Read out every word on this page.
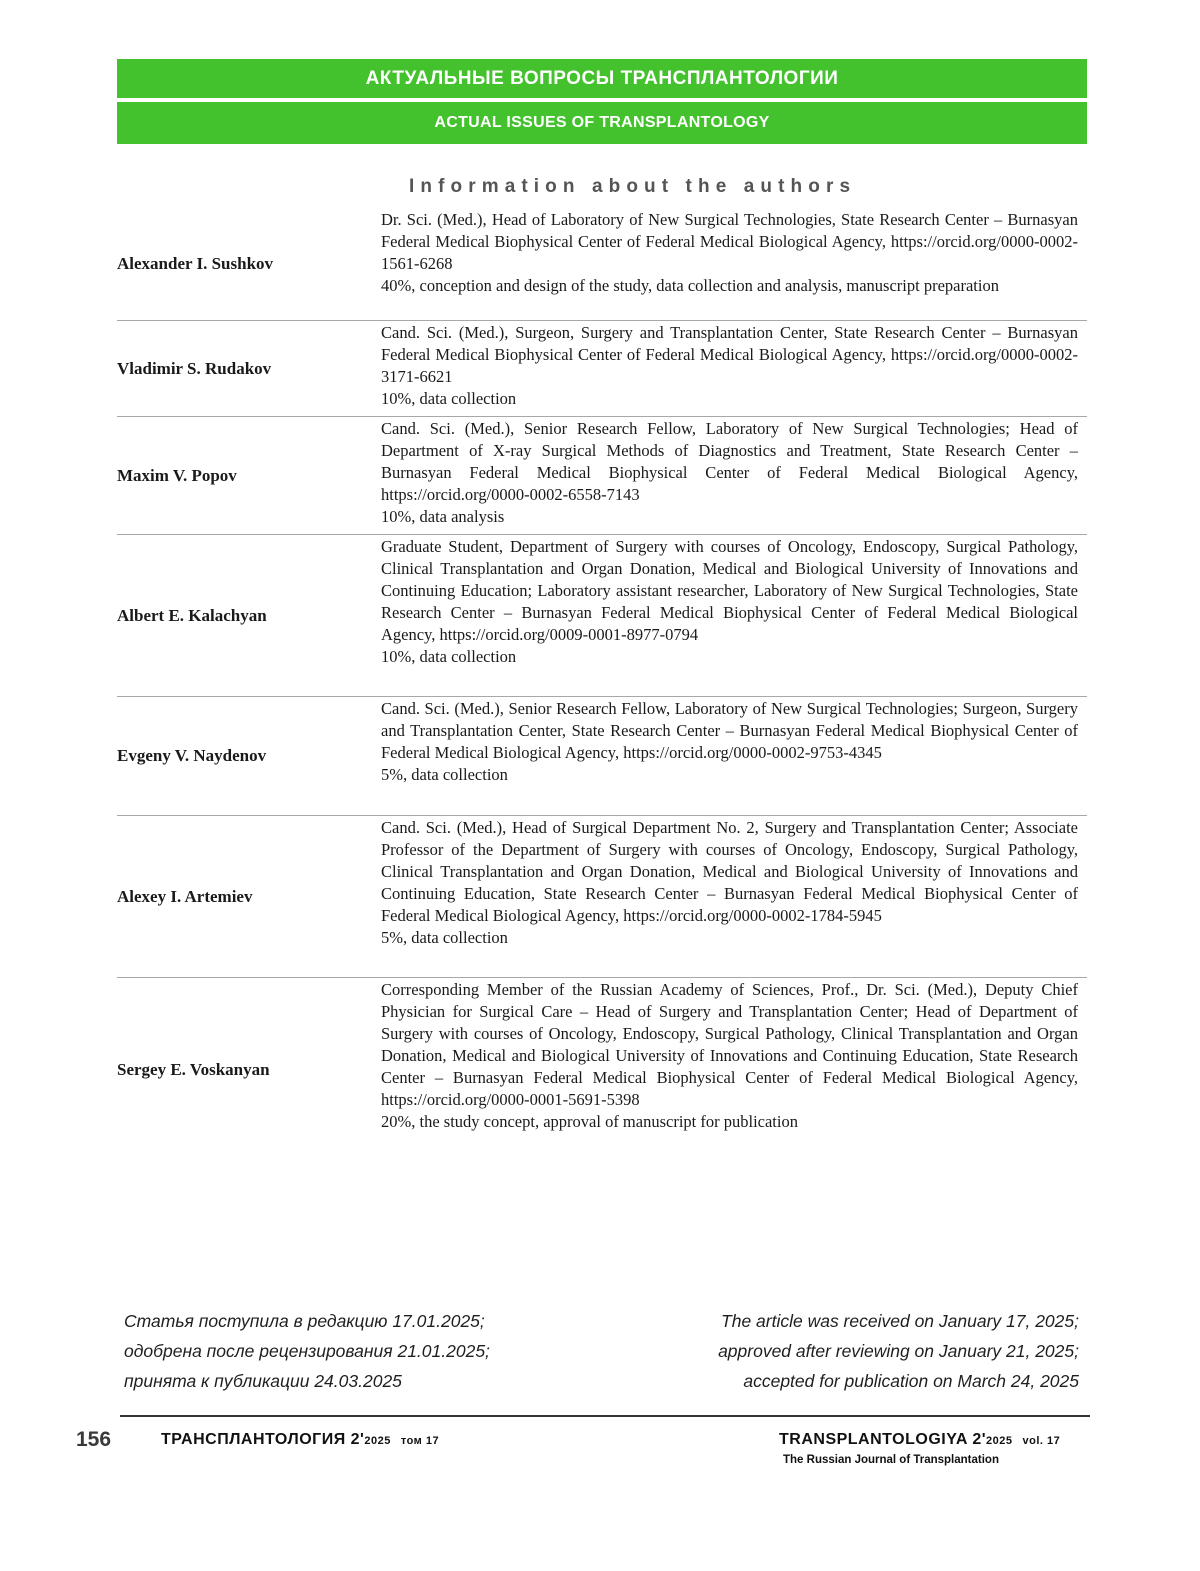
АКТУАЛЬНЫЕ ВОПРОСЫ ТРАНСПЛАНТОЛОГИИ
ACTUAL ISSUES OF TRANSPLANTOLOGY
Information about the authors
Alexander I. Sushkov

Dr. Sci. (Med.), Head of Laboratory of New Surgical Technologies, State Research Center – Burnasyan Federal Medical Biophysical Center of Federal Medical Biological Agency, https://orcid.org/0000-0002-1561-6268

40%, conception and design of the study, data collection and analysis, manuscript preparation

Vladimir S. Rudakov

Cand. Sci. (Med.), Surgeon, Surgery and Transplantation Center, State Research Center – Burnasyan Federal Medical Biophysical Center of Federal Medical Biological Agency, https://orcid.org/0000-0002-3171-6621

10%, data collection

Maxim V. Popov

Cand. Sci. (Med.), Senior Research Fellow, Laboratory of New Surgical Technologies; Head of Department of X-ray Surgical Methods of Diagnostics and Treatment, State Research Center – Burnasyan Federal Medical Biophysical Center of Federal Medical Biological Agency, https://orcid.org/0000-0002-6558-7143

10%, data analysis

Albert E. Kalachyan

Graduate Student, Department of Surgery with courses of Oncology, Endoscopy, Surgical Pathology, Clinical Transplantation and Organ Donation, Medical and Biological University of Innovations and Continuing Education; Laboratory assistant researcher, Laboratory of New Surgical Technologies, State Research Center – Burnasyan Federal Medical Biophysical Center of Federal Medical Biological Agency, https://orcid.org/0009-0001-8977-0794

10%, data collection

Evgeny V. Naydenov

Cand. Sci. (Med.), Senior Research Fellow, Laboratory of New Surgical Technologies; Surgeon, Surgery and Transplantation Center, State Research Center – Burnasyan Federal Medical Biophysical Center of Federal Medical Biological Agency, https://orcid.org/0000-0002-9753-4345

5%, data collection

Alexey I. Artemiev

Cand. Sci. (Med.), Head of Surgical Department No. 2, Surgery and Transplantation Center; Associate Professor of the Department of Surgery with courses of Oncology, Endoscopy, Surgical Pathology, Clinical Transplantation and Organ Donation, Medical and Biological University of Innovations and Continuing Education, State Research Center – Burnasyan Federal Medical Biophysical Center of Federal Medical Biological Agency, https://orcid.org/0000-0002-1784-5945

5%, data collection

Sergey E. Voskanyan

Corresponding Member of the Russian Academy of Sciences, Prof., Dr. Sci. (Med.), Deputy Chief Physician for Surgical Care – Head of Surgery and Transplantation Center; Head of Department of Surgery with courses of Oncology, Endoscopy, Surgical Pathology, Clinical Transplantation and Organ Donation, Medical and Biological University of Innovations and Continuing Education, State Research Center – Burnasyan Federal Medical Biophysical Center of Federal Medical Biological Agency, https://orcid.org/0000-0001-5691-5398

20%, the study concept, approval of manuscript for publication

Статья поступила в редакцию 17.01.2025;

одобрена после рецензирования 21.01.2025;

принята к публикации 24.03.2025

The article was received on January 17, 2025;

approved after reviewing on January 21, 2025;

accepted for publication on March 24, 2025

156	ТРАНСПЛАНТОЛОГИЯ 2'2025 том 17	TRANSPLANTOLOGIYA 2'2025 vol. 17
The Russian Journal of Transplantation
